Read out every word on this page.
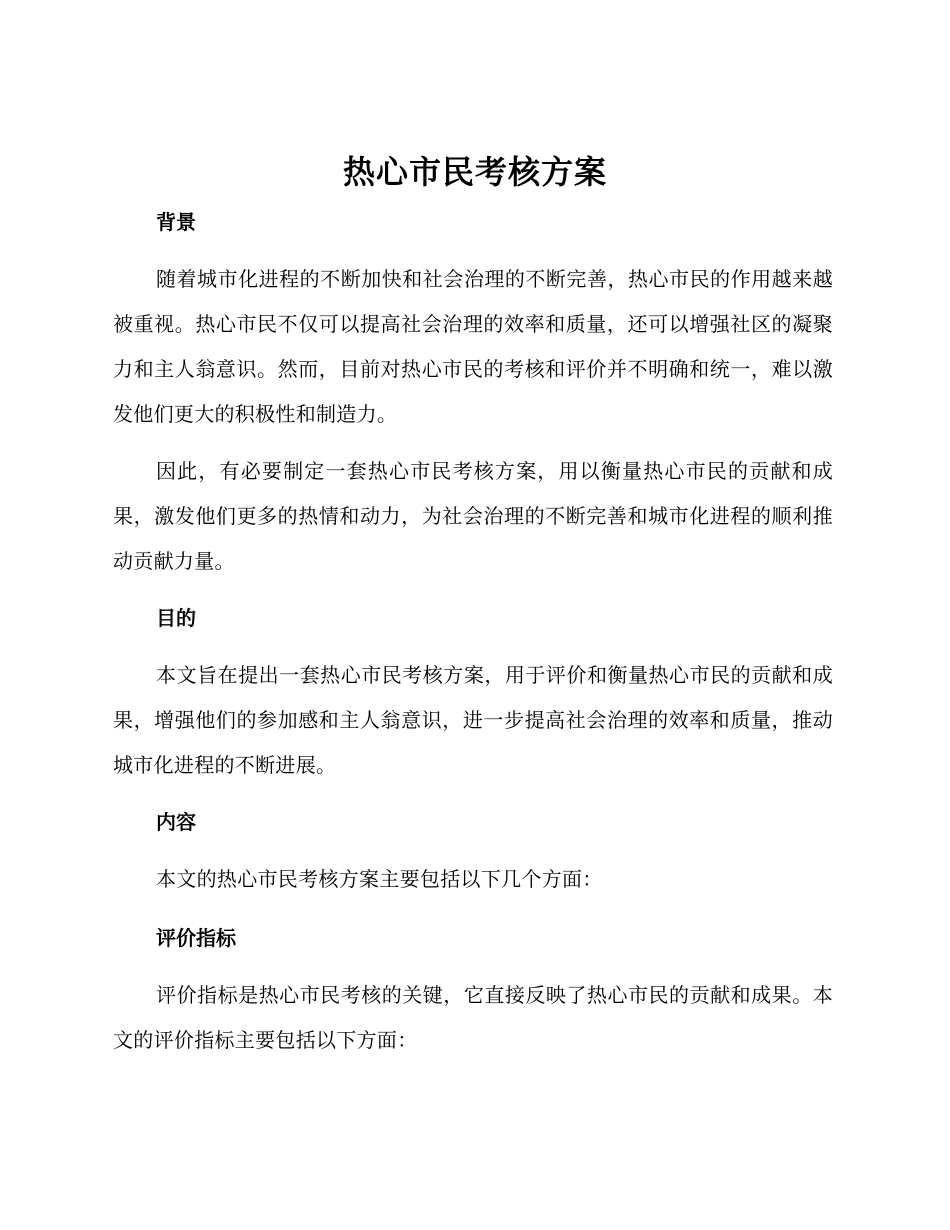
热心市民考核方案
背景
随着城市化进程的不断加快和社会治理的不断完善，热心市民的作用越来越被重视。热心市民不仅可以提高社会治理的效率和质量，还可以增强社区的凝聚力和主人翁意识。然而，目前对热心市民的考核和评价并不明确和统一，难以激发他们更大的积极性和制造力。
因此，有必要制定一套热心市民考核方案，用以衡量热心市民的贡献和成果，激发他们更多的热情和动力，为社会治理的不断完善和城市化进程的顺利推动贡献力量。
目的
本文旨在提出一套热心市民考核方案，用于评价和衡量热心市民的贡献和成果，增强他们的参加感和主人翁意识，进一步提高社会治理的效率和质量，推动城市化进程的不断进展。
内容
本文的热心市民考核方案主要包括以下几个方面：
评价指标
评价指标是热心市民考核的关键，它直接反映了热心市民的贡献和成果。本文的评价指标主要包括以下方面：
